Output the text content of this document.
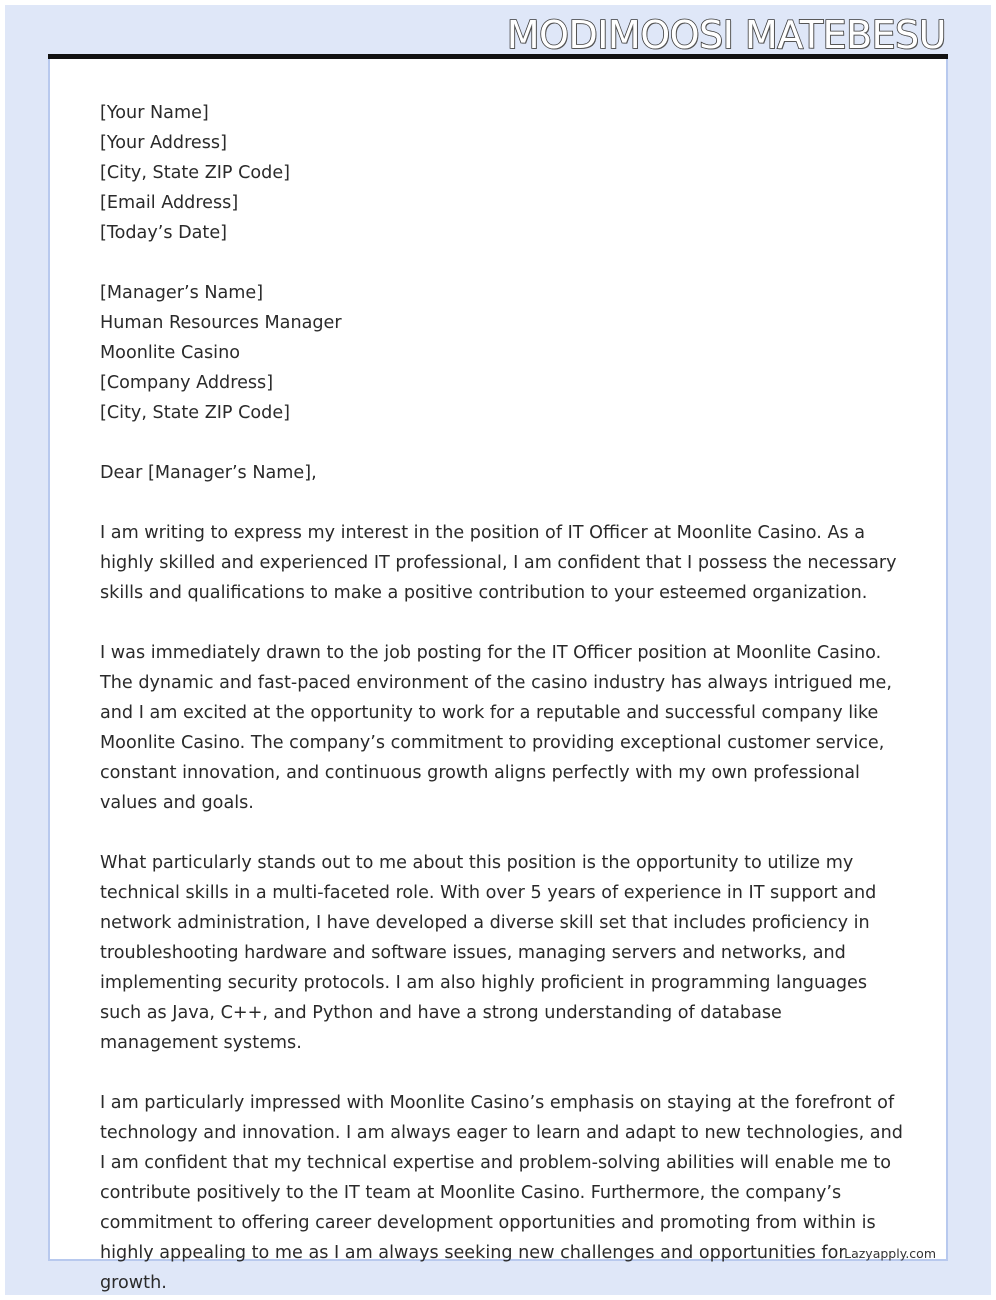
MODIMOOSI MATEBESU
[Your Name]
[Your Address]
[City, State ZIP Code]
[Email Address]
[Today’s Date]
[Manager’s Name]
Human Resources Manager
Moonlite Casino
[Company Address]
[City, State ZIP Code]
Dear [Manager’s Name],

I am writing to express my interest in the position of IT Officer at Moonlite Casino. As a highly skilled and experienced IT professional, I am confident that I possess the necessary skills and qualifications to make a positive contribution to your esteemed organization.

I was immediately drawn to the job posting for the IT Officer position at Moonlite Casino. The dynamic and fast-paced environment of the casino industry has always intrigued me, and I am excited at the opportunity to work for a reputable and successful company like Moonlite Casino. The company’s commitment to providing exceptional customer service, constant innovation, and continuous growth aligns perfectly with my own professional values and goals.

What particularly stands out to me about this position is the opportunity to utilize my technical skills in a multi-faceted role. With over 5 years of experience in IT support and network administration, I have developed a diverse skill set that includes proficiency in troubleshooting hardware and software issues, managing servers and networks, and implementing security protocols. I am also highly proficient in programming languages such as Java, C++, and Python and have a strong understanding of database management systems.

I am particularly impressed with Moonlite Casino’s emphasis on staying at the forefront of technology and innovation. I am always eager to learn and adapt to new technologies, and I am confident that my technical expertise and problem-solving abilities will enable me to contribute positively to the IT team at Moonlite Casino. Furthermore, the company’s commitment to offering career development opportunities and promoting from within is highly appealing to me as I am always seeking new challenges and opportunities for growth.

Lazyapply.com
